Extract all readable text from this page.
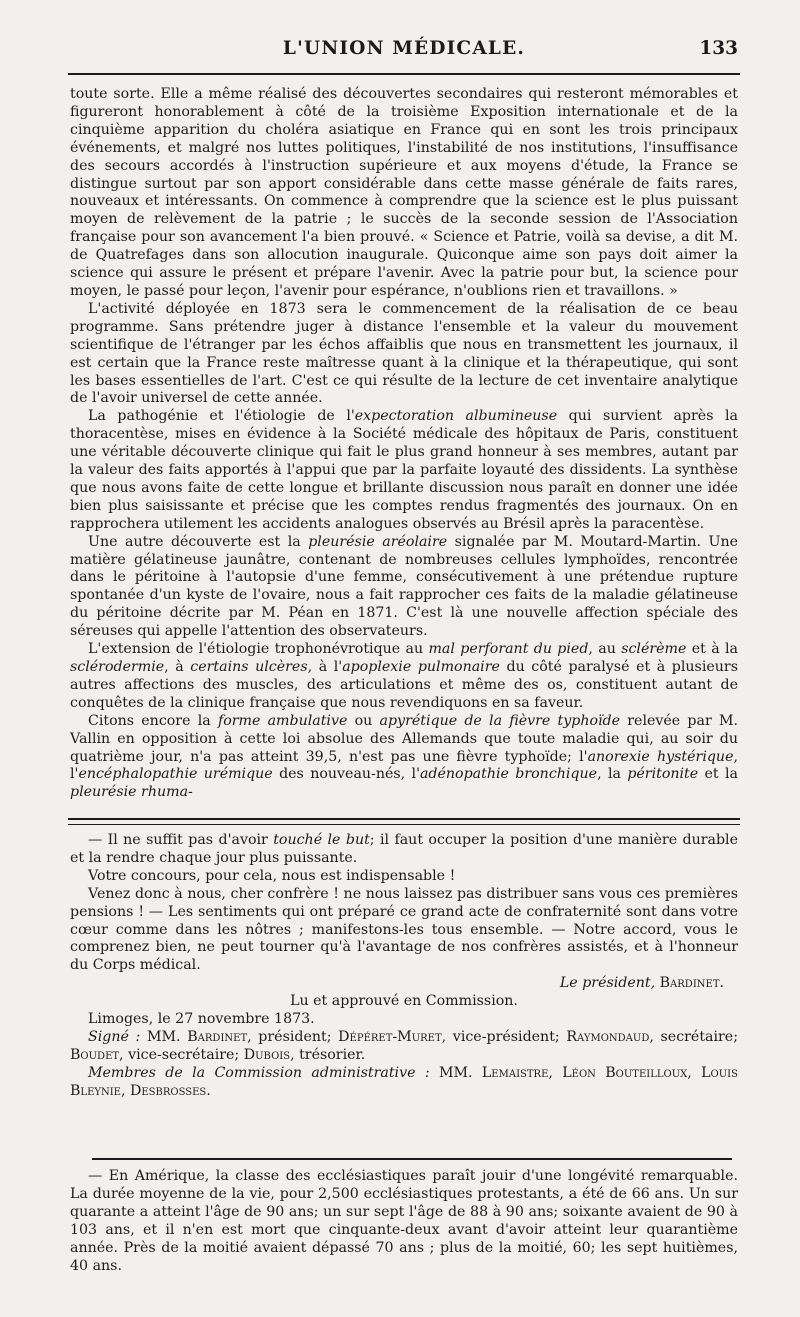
L'UNION MÉDICALE.	133

toute sorte. Elle a même réalisé des découvertes secondaires qui resteront mémorables et figureront honorablement à côté de la troisième Exposition internationale et de la cinquième apparition du choléra asiatique en France qui en sont les trois principaux événements, et malgré nos luttes politiques, l'instabilité de nos institutions, l'insuffisance des secours accordés à l'instruction supérieure et aux moyens d'étude, la France se distingue surtout par son apport considérable dans cette masse générale de faits rares, nouveaux et intéressants. On commence à comprendre que la science est le plus puissant moyen de relèvement de la patrie ; le succès de la seconde session de l'Association française pour son avancement l'a bien prouvé. « Science et Patrie, voilà sa devise, a dit M. de Quatrefages dans son allocution inaugurale. Quiconque aime son pays doit aimer la science qui assure le présent et prépare l'avenir. Avec la patrie pour but, la science pour moyen, le passé pour leçon, l'avenir pour espérance, n'oublions rien et travaillons. »

L'activité déployée en 1873 sera le commencement de la réalisation de ce beau programme. Sans prétendre juger à distance l'ensemble et la valeur du mouvement scientifique de l'étranger par les échos affaiblis que nous en transmettent les journaux, il est certain que la France reste maîtresse quant à la clinique et la thérapeutique, qui sont les bases essentielles de l'art. C'est ce qui résulte de la lecture de cet inventaire analytique de l'avoir universel de cette année.

La pathogénie et l'étiologie de l'expectoration albumineuse qui survient après la thoracentèse, mises en évidence à la Société médicale des hôpitaux de Paris, constituent une véritable découverte clinique qui fait le plus grand honneur à ses membres, autant par la valeur des faits apportés à l'appui que par la parfaite loyauté des dissidents. La synthèse que nous avons faite de cette longue et brillante discussion nous paraît en donner une idée bien plus saisissante et précise que les comptes rendus fragmentés des journaux. On en rapprochera utilement les accidents analogues observés au Brésil après la paracentèse.

Une autre découverte est la pleurésie aréolaire signalée par M. Moutard-Martin. Une matière gélatineuse jaunâtre, contenant de nombreuses cellules lymphoïdes, rencontrée dans le péritoine à l'autopsie d'une femme, consécutivement à une prétendue rupture spontanée d'un kyste de l'ovaire, nous a fait rapprocher ces faits de la maladie gélatineuse du péritoine décrite par M. Péan en 1871. C'est là une nouvelle affection spéciale des séreuses qui appelle l'attention des observateurs.

L'extension de l'étiologie trophonévrotique au mal perforant du pied, au sclérème et à la sclérodermie, à certains ulcères, à l'apoplexie pulmonaire du côté paralysé et à plusieurs autres affections des muscles, des articulations et même des os, constituent autant de conquêtes de la clinique française que nous revendiquons en sa faveur.

Citons encore la forme ambulative ou apyrétique de la fièvre typhoïde relevée par M. Vallin en opposition à cette loi absolue des Allemands que toute maladie qui, au soir du quatrième jour, n'a pas atteint 39,5, n'est pas une fièvre typhoïde; l'anorexie hystérique, l'encéphalopathie urémique des nouveau-nés, l'adénopathie bronchique, la péritonite et la pleurésie rhuma-

— Il ne suffit pas d'avoir touché le but; il faut occuper la position d'une manière durable et la rendre chaque jour plus puissante.

Votre concours, pour cela, nous est indispensable !

Venez donc à nous, cher confrère ! ne nous laissez pas distribuer sans vous ces premières pensions ! — Les sentiments qui ont préparé ce grand acte de confraternité sont dans votre cœur comme dans les nôtres ; manifestons-les tous ensemble. — Notre accord, vous le comprenez bien, ne peut tourner qu'à l'avantage de nos confrères assistés, et à l'honneur du Corps médical.

Le président, Bardinet.

Lu et approuvé en Commission.

Limoges, le 27 novembre 1873.

Signé : MM. Bardinet, président; Dépéret-Muret, vice-président; Raymondaud, secrétaire; Boudet, vice-secrétaire; Dubois, trésorier.

Membres de la Commission administrative : MM. Lemaistre, Léon Bouteilloux, Louis Bleynie, Desbrosses.

— En Amérique, la classe des ecclésiastiques paraît jouir d'une longévité remarquable. La durée moyenne de la vie, pour 2,500 ecclésiastiques protestants, a été de 66 ans. Un sur quarante a atteint l'âge de 90 ans; un sur sept l'âge de 88 à 90 ans; soixante avaient de 90 à 103 ans, et il n'en est mort que cinquante-deux avant d'avoir atteint leur quarantième année. Près de la moitié avaient dépassé 70 ans ; plus de la moitié, 60; les sept huitièmes, 40 ans.
